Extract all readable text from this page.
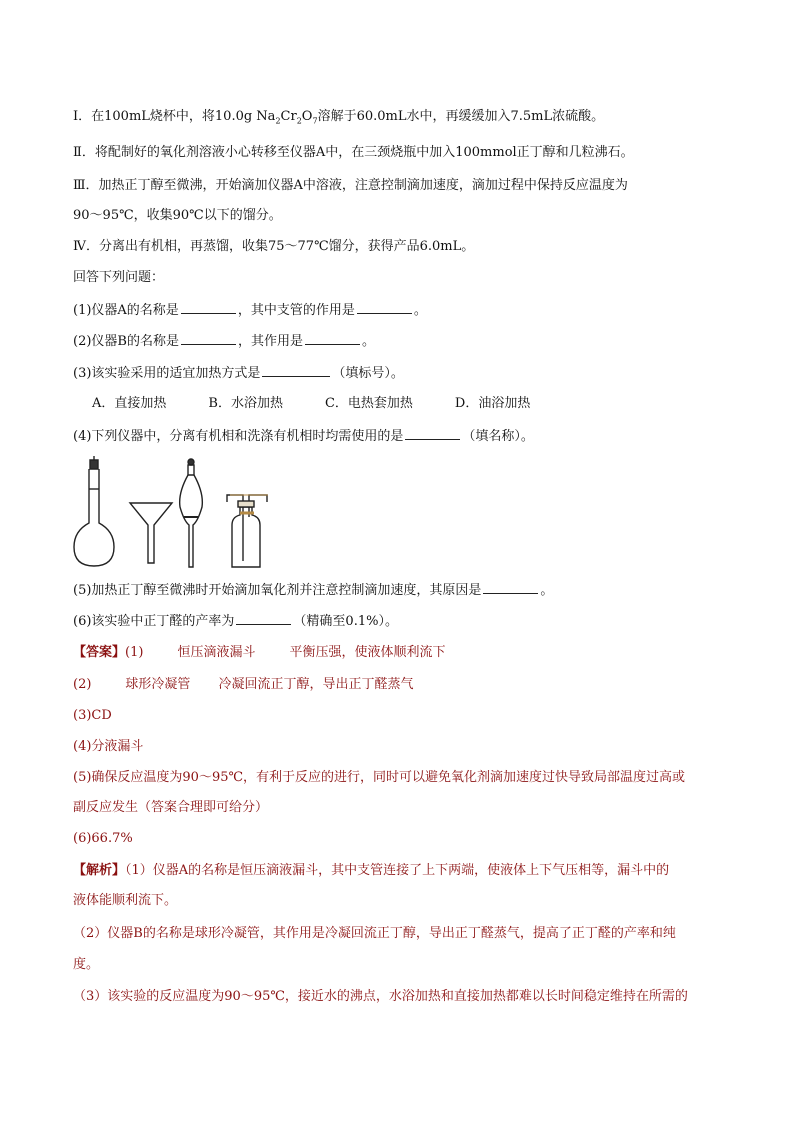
Ⅰ．在100mL烧杯中，将10.0g $Na_2Cr_2O_7$溶解于60.0mL水中，再缓缓加入7.5mL浓硫酸。
Ⅱ．将配制好的氧化剂溶液小心转移至仪器A中，在三颈烧瓶中加入100mmol正丁醇和几粒沸石。
Ⅲ．加热正丁醇至微沸，开始滴加仪器A中溶液，注意控制滴加速度，滴加过程中保持反应温度为
90～95℃，收集90℃以下的馏分。
Ⅳ．分离出有机相，再蒸馏，收集75～77℃馏分，获得产品6.0mL。
回答下列问题：
(1)仪器A的名称是	，其中支管的作用是	。
(2)仪器B的名称是	，其作用是	。
(3)该实验采用的适宜加热方式是	（填标号）。
A．直接加热	B．水浴加热	C．电热套加热	D．油浴加热
(4)下列仪器中，分离有机相和洗涤有机相时均需使用的是	（填名称）。
(5)加热正丁醇至微沸时开始滴加氧化剂并注意控制滴加速度，其原因是	。
(6)该实验中正丁醛的产率为	（精确至0.1%）。
【答案】(1)	恒压滴液漏斗	平衡压强，使液体顺利流下
(2)	球形冷凝管 冷凝回流正丁醇，导出正丁醛蒸气
(3)CD
(4)分液漏斗
(5)确保反应温度为90～95℃，有利于反应的进行，同时可以避免氧化剂滴加速度过快导致局部温度过高或
副反应发生（答案合理即可给分）
(6)66.7%
【解析】（1）仪器A的名称是恒压滴液漏斗，其中支管连接了上下两端，使液体上下气压相等，漏斗中的
液体能顺利流下。
（2）仪器B的名称是球形冷凝管，其作用是冷凝回流正丁醇，导出正丁醛蒸气，提高了正丁醛的产率和纯
度。
（3）该实验的反应温度为90～95℃，接近水的沸点，水浴加热和直接加热都难以长时间稳定维持在所需的
